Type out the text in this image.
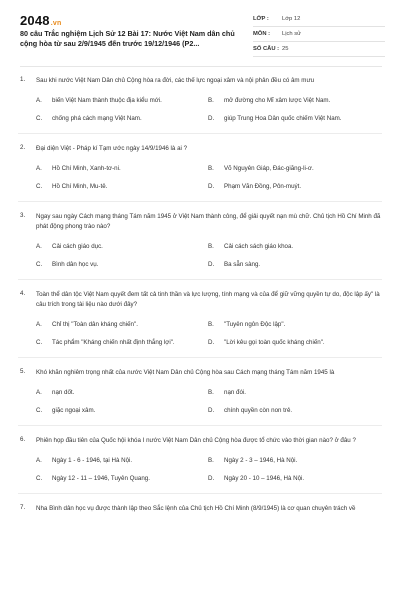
2048.vn
80 câu Trắc nghiệm Lịch Sử 12 Bài 17: Nước Việt Nam dân chủ cộng hòa từ sau 2/9/1945 đến trước 19/12/1946 (P2...
LỚP :	Lớp 12
MÔN :	Lịch sử
SỐ CÂU : 25
1. Sau khi nước Việt Nam Dân chủ Cộng hòa ra đời, các thế lực ngoại xâm và nội phản đều có âm mưu
A.	biến Việt Nam thành thuộc địa kiểu mới.	B.	mở đường cho Mĩ xâm lược Việt Nam.
C.	chống phá cách mạng Việt Nam.	D.	giúp Trung Hoa Dân quốc chiếm Việt Nam.
2. Đại diện Việt - Pháp kí Tạm ước ngày 14/9/1946 là ai ?
A.	Hồ Chí Minh, Xanh-tơ-ni.	B.	Võ Nguyên Giáp, Đác-giăng-li-ơ.
C.	Hồ Chí Minh, Mu-tê.	D.	Phạm Văn Đồng, Pôn-muýt.
3. Ngay sau ngày Cách mạng tháng Tám năm 1945 ở Việt Nam thành công, để giải quyết nạn mù chữ. Chủ tịch Hồ Chí Minh đã phát động phong trào nào?
A.	Cải cách giáo dục.	B.	Cải cách sách giáo khoa.
C.	Bình dân học vụ.	D.	Ba sẵn sàng.
4. Toàn thể dân tộc Việt Nam quyết đem tất cả tinh thần và lực lượng, tính mạng và của để giữ vững quyền tự do, độc lập ấy" là câu trích trong tài liệu nào dưới đây?
A.	Chỉ thị "Toàn dân kháng chiến".	B.	"Tuyên ngôn Độc lập".
C.	Tác phẩm "Kháng chiến nhất định thắng lợi".	D.	"Lời kêu gọi toàn quốc kháng chiến".
5. Khó khăn nghiêm trọng nhất của nước Việt Nam Dân chủ Cộng hòa sau Cách mạng tháng Tám năm 1945 là
A.	nạn dốt.	B.	nạn đói.
C.	giặc ngoại xâm.	D.	chính quyền còn non trẻ.
6. Phiên họp đầu tiên của Quốc hội khóa I nước Việt Nam Dân chủ Cộng hòa được tổ chức vào thời gian nào? ở đâu ?
A.	Ngày 1 - 6 - 1946, tại Hà Nội.	B.	Ngày 2 - 3 – 1946, Hà Nội.
C.	Ngày 12 - 11 – 1946, Tuyên Quang.	D.	Ngày 20 - 10 – 1946, Hà Nội.
7. Nha Bình dân học vụ được thành lập theo Sắc lệnh của Chủ tịch Hồ Chí Minh (8/9/1945) là cơ quan chuyên trách về
